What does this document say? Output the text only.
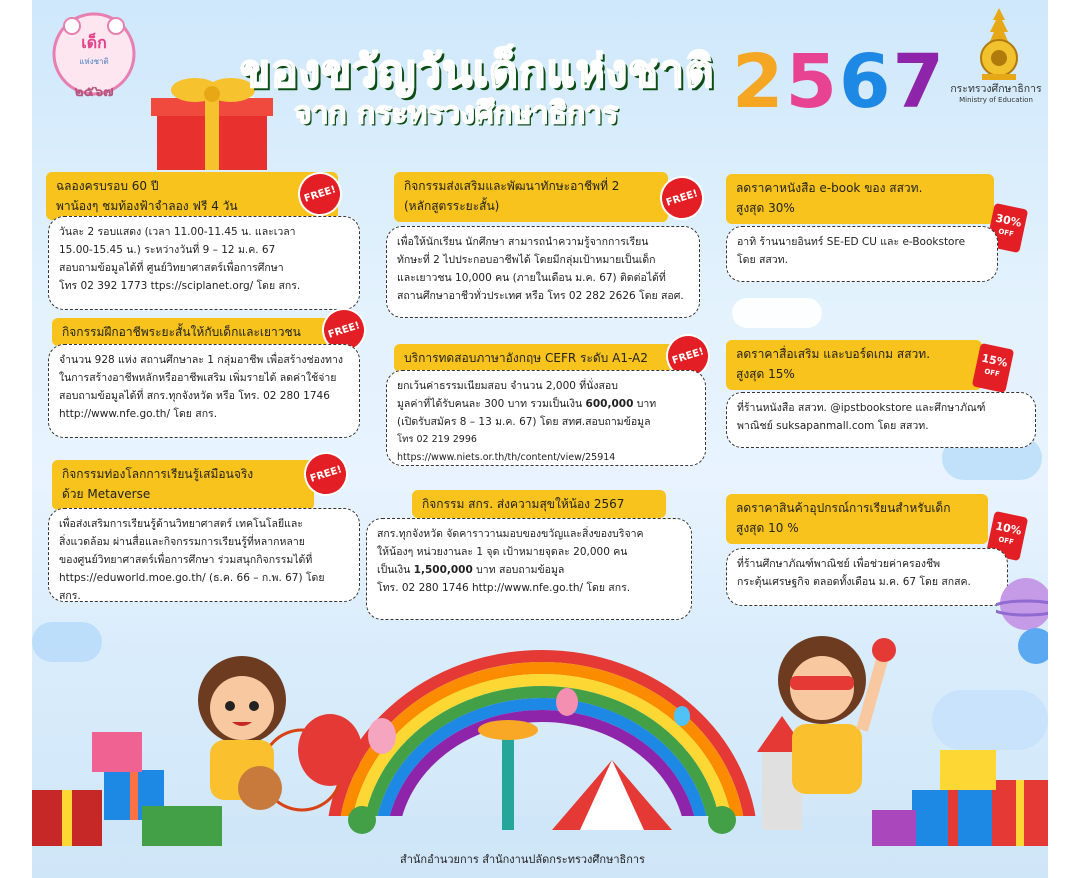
เด็ก
แห่งชาติ
๒๕๖๗	ของขวัญวันเด็กแห่งชาติ
จาก กระทรวงศึกษาธิการ 2567 กระทรวงศึกษาธิการ
Ministry of Education
ฉลองครบรอบ 60 ปี
พาน้องๆ ชมท้องฟ้าจำลอง ฟรี 4 วัน
FREE!
วันละ 2 รอบแสดง (เวลา 11.00-11.45 น. และเวลา
15.00-15.45 น.) ระหว่างวันที่ 9 – 12 ม.ค. 67
สอบถามข้อมูลได้ที่ ศูนย์วิทยาศาสตร์เพื่อการศึกษา
โทร 02 392 1773 ttps://sciplanet.org/ โดย สกร.
กิจกรรมฝึกอาชีพระยะสั้นให้กับเด็กและเยาวชน	FREE!
จำนวน 928 แห่ง สถานศึกษาละ 1 กลุ่มอาชีพ เพื่อสร้างช่องทาง
ในการสร้างอาชีพหลักหรืออาชีพเสริม เพิ่มรายได้ ลดค่าใช้จ่าย
สอบถามข้อมูลได้ที่ สกร.ทุกจังหวัด หรือ โทร. 02 280 1746
http://www.nfe.go.th/ โดย สกร.
กิจกรรมท่องโลกการเรียนรู้เสมือนจริง
ด้วย Metaverse
FREE!
เพื่อส่งเสริมการเรียนรู้ด้านวิทยาศาสตร์ เทคโนโลยีและ
สิ่งแวดล้อม ผ่านสื่อและกิจกรรมการเรียนรู้ที่หลากหลาย
ของศูนย์วิทยาศาสตร์เพื่อการศึกษา ร่วมสนุกกิจกรรมได้ที่
https://eduworld.moe.go.th/ (ธ.ค. 66 – ก.พ. 67) โดย สกร.
กิจกรรมส่งเสริมและพัฒนาทักษะอาชีพที่ 2
(หลักสูตรระยะสั้น)	FREE!
เพื่อให้นักเรียน นักศึกษา สามารถนำความรู้จากการเรียน
ทักษะที่ 2 ไปประกอบอาชีพได้ โดยมีกลุ่มเป้าหมายเป็นเด็ก
และเยาวชน 10,000 คน (ภายในเดือน ม.ค. 67) ติดต่อได้ที่
สถานศึกษาอาชีวทั่วประเทศ หรือ โทร 02 282 2626 โดย สอศ.
บริการทดสอบภาษาอังกฤษ CEFR ระดับ A1-A2	FREE!
ยกเว้นค่าธรรมเนียมสอบ จำนวน 2,000 ที่นั่งสอบ
มูลค่าที่ได้รับคนละ 300 บาท รวมเป็นเงิน 600,000 บาท
(เปิดรับสมัคร 8 – 13 ม.ค. 67) โดย สทศ.สอบถามข้อมูล
โทร 02 219 2996 https://www.niets.or.th/th/content/view/25914
กิจกรรม สกร. ส่งความสุขให้น้อง 2567
สกร.ทุกจังหวัด จัดคาราวานมอบของขวัญและสิ่งของบริจาค
ให้น้องๆ หน่วยงานละ 1 จุด เป้าหมายจุดละ 20,000 คน
เป็นเงิน 1,500,000 บาท สอบถามข้อมูล
โทร. 02 280 1746 http://www.nfe.go.th/ โดย สกร.
ลดราคาหนังสือ e-book ของ สสวท.
สูงสุด 30%
30%
OFF
อาทิ ร้านนายอินทร์ SE-ED CU และ e-Bookstore
โดย สสวท.
ลดราคาสื่อเสริม และบอร์ดเกม สสวท.
สูงสุด 15%
15%
OFF
ที่ร้านหนังสือ สสวท. @ipstbookstore และศึกษาภัณฑ์
พาณิชย์ suksapanmall.com โดย สสวท.
ลดราคาสินค้าอุปกรณ์การเรียนสำหรับเด็ก
สูงสุด 10 %	10%
OFF
ที่ร้านศึกษาภัณฑ์พาณิชย์ เพื่อช่วยค่าครองชีพ
กระตุ้นเศรษฐกิจ ตลอดทั้งเดือน ม.ค. 67 โดย สกสค.
สำนักอำนวยการ สำนักงานปลัดกระทรวงศึกษาธิการ
